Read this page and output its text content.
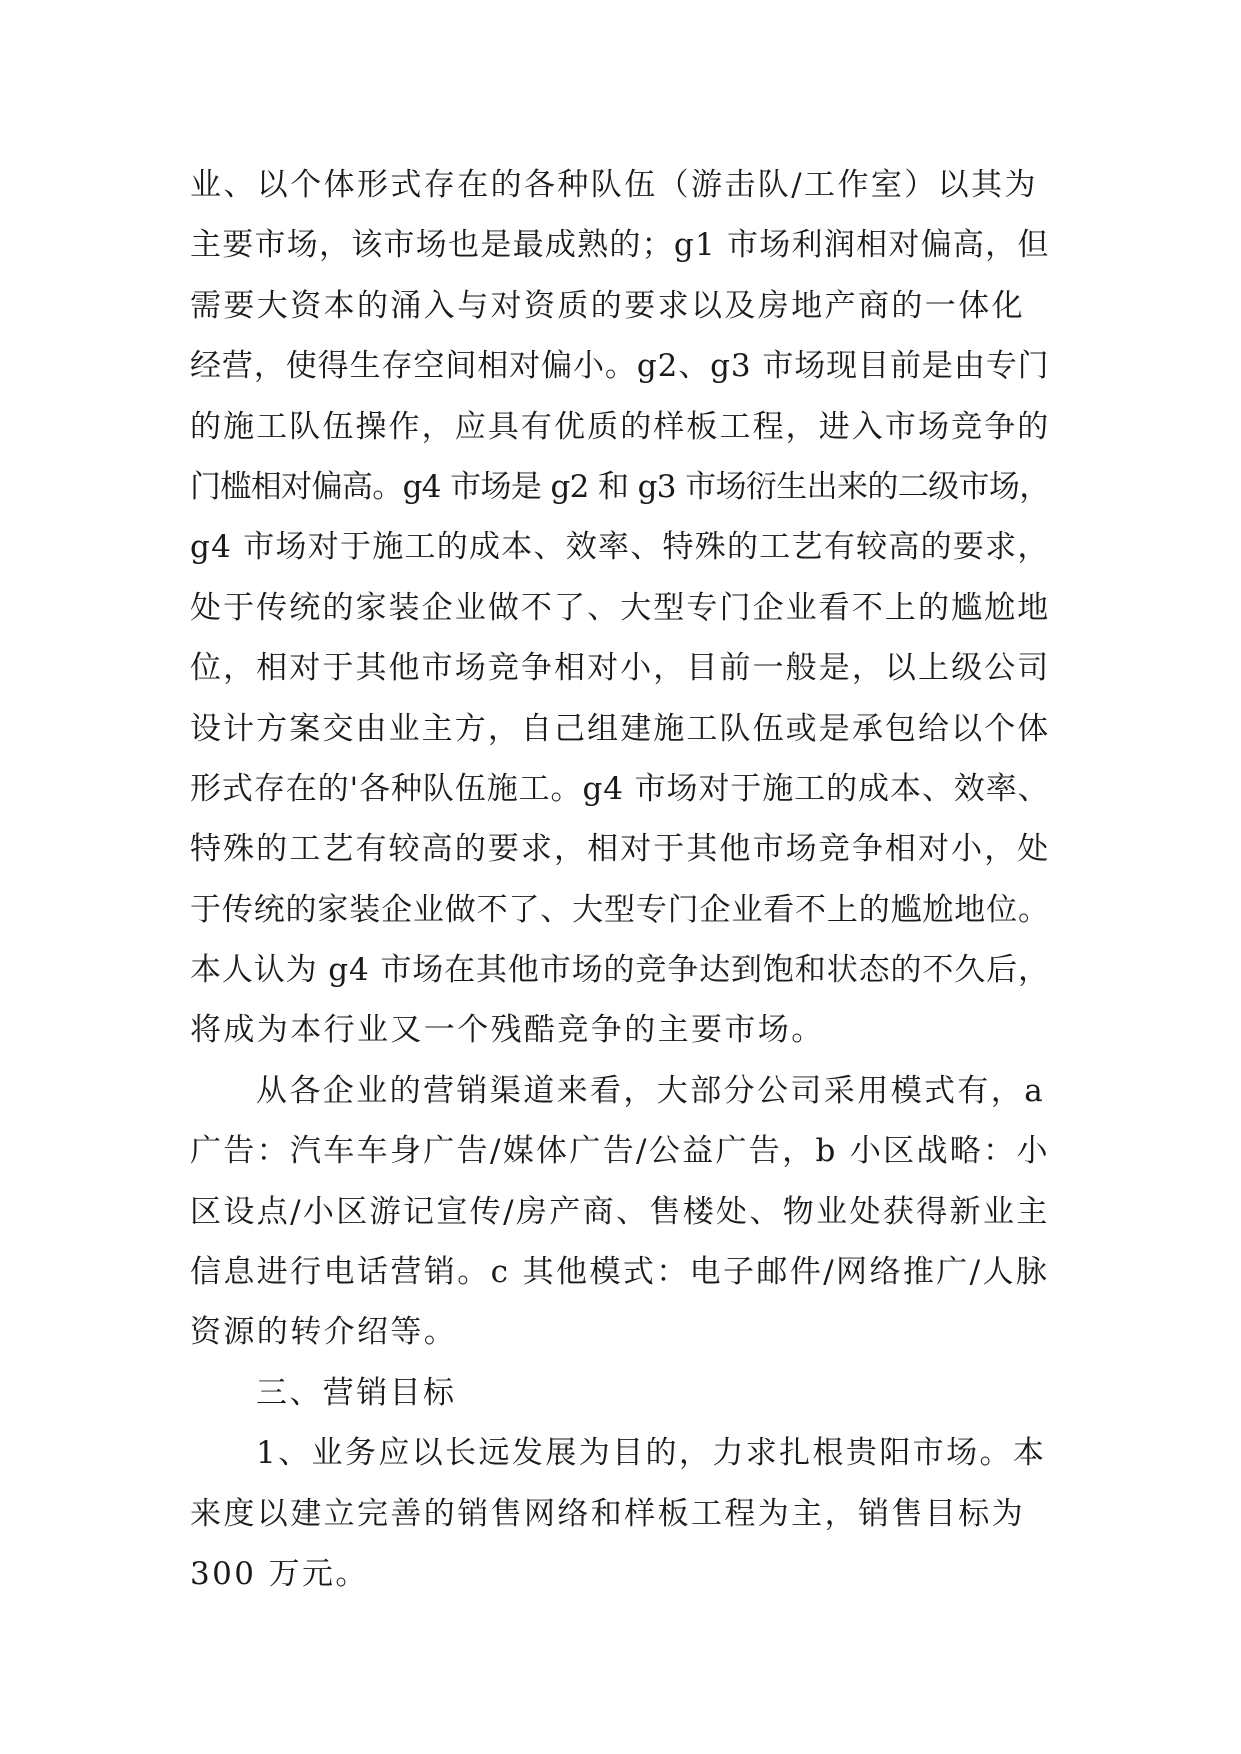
业、以个体形式存在的各种队伍（游击队/工作室）以其为
主要市场，该市场也是最成熟的；g1 市场利润相对偏高，但
需要大资本的涌入与对资质的要求以及房地产商的一体化
经营，使得生存空间相对偏小。g2、g3 市场现目前是由专门
的施工队伍操作，应具有优质的样板工程，进入市场竞争的
门槛相对偏高。g4 市场是 g2 和 g3 市场衍生出来的二级市场，
g4 市场对于施工的成本、效率、特殊的工艺有较高的要求，
处于传统的家装企业做不了、大型专门企业看不上的尴尬地
位，相对于其他市场竞争相对小，目前一般是，以上级公司
设计方案交由业主方，自己组建施工队伍或是承包给以个体
形式存在的'各种队伍施工。g4 市场对于施工的成本、效率、
特殊的工艺有较高的要求，相对于其他市场竞争相对小，处
于传统的家装企业做不了、大型专门企业看不上的尴尬地位。
本人认为 g4 市场在其他市场的竞争达到饱和状态的不久后，
将成为本行业又一个残酷竞争的主要市场。
从各企业的营销渠道来看，大部分公司采用模式有，a
广告：汽车车身广告/媒体广告/公益广告，b 小区战略：小
区设点/小区游记宣传/房产商、售楼处、物业处获得新业主
信息进行电话营销。c 其他模式：电子邮件/网络推广/人脉
资源的转介绍等。
三、营销目标
1、业务应以长远发展为目的，力求扎根贵阳市场。本
来度以建立完善的销售网络和样板工程为主，销售目标为
300 万元。
